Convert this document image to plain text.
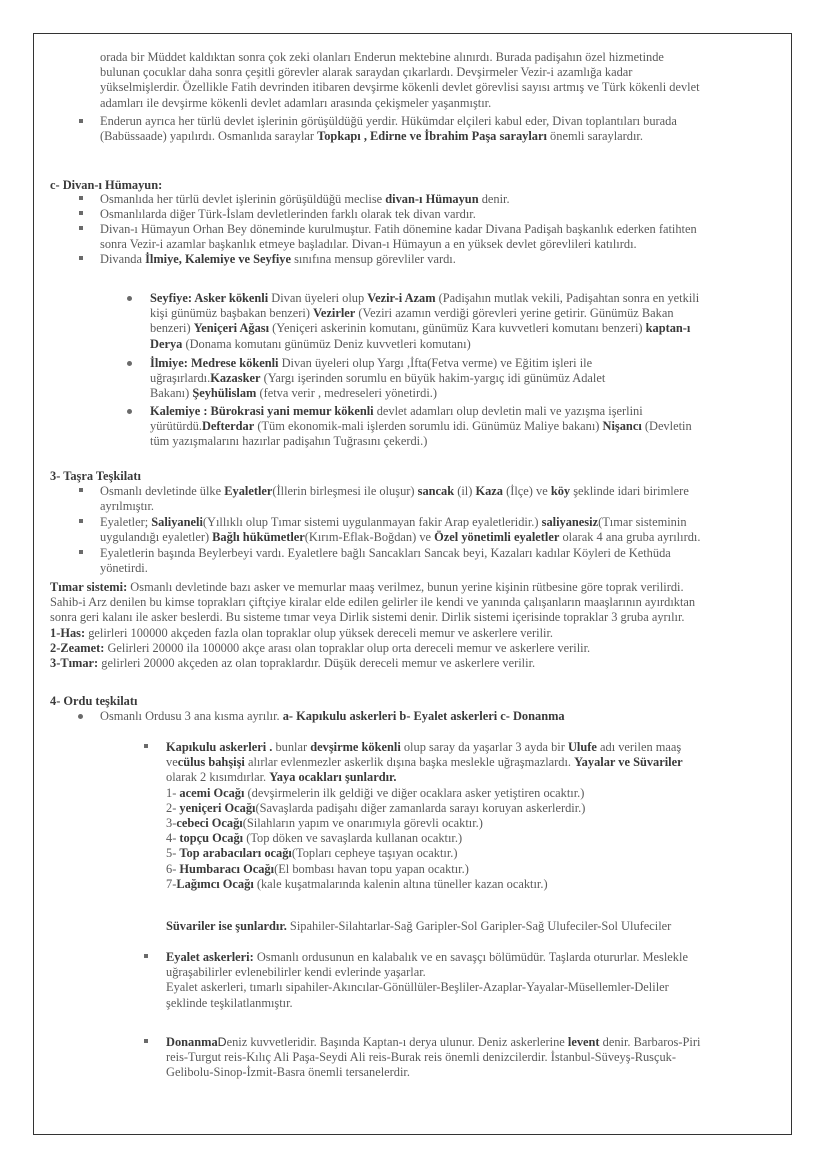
orada bir Müddet kaldıktan sonra çok zeki olanları Enderun mektebine alınırdı. Burada padişahın özel hizmetinde
bulunan çocuklar daha sonra çeşitli görevler alarak saraydan çıkarlardı. Devşirmeler Vezir-i azamlığa kadar
yükselmişlerdir. Özellikle Fatih devrinden itibaren devşirme kökenli devlet görevlisi sayısı artmış ve Türk kökenli devlet
adamları ile devşirme kökenli devlet adamları arasında çekişmeler yaşanmıştır.
Enderun ayrıca her türlü devlet işlerinin görüşüldüğü yerdir. Hükümdar elçileri kabul eder, Divan toplantıları burada
(Babüssaade) yapılırdı. Osmanlıda saraylar Topkapı , Edirne ve İbrahim Paşa sarayları önemli saraylardır.
c- Divan-ı Hümayun:
Osmanlıda her türlü devlet işlerinin görüşüldüğü meclise divan-ı Hümayun denir.
Osmanlılarda diğer Türk-İslam devletlerinden farklı olarak tek divan vardır.
Divan-ı Hümayun Orhan Bey döneminde kurulmuştur. Fatih dönemine kadar Divana Padişah başkanlık ederken fatihten
sonra Vezir-i azamlar başkanlık etmeye başladılar. Divan-ı Hümayun a en yüksek devlet görevlileri katılırdı.
Divanda İlmiye, Kalemiye ve Seyfiye sınıfına mensup görevliler vardı.
Seyfiye: Asker kökenli Divan üyeleri olup Vezir-i Azam (Padişahın mutlak vekili, Padişahtan sonra en yetkili
kişi günümüz başbakan benzeri) Vezirler (Veziri azamın verdiği görevleri yerine getirir. Günümüz Bakan
benzeri) Yeniçeri Ağası (Yeniçeri askerinin komutanı, günümüz Kara kuvvetleri komutanı benzeri) kaptan-ı
Derya (Donama komutanı günümüz Deniz kuvvetleri komutanı)
İlmiye: Medrese kökenli Divan üyeleri olup Yargı ,İfta(Fetva verme) ve Eğitim işleri ile
uğraşırlardı.Kazasker (Yargı işerinden sorumlu en büyük hakim-yargıç idi günümüz Adalet
Bakanı) Şeyhülislam (fetva verir , medreseleri yönetirdi.)
Kalemiye : Bürokrasi yani memur kökenli devlet adamları olup devletin mali ve yazışma işerlini
yürütürdü.Defterdar (Tüm ekonomik-mali işlerden sorumlu idi. Günümüz Maliye bakanı) Nişancı (Devletin
tüm yazışmalarını hazırlar padişahın Tuğrasını çekerdi.)
3- Taşra Teşkilatı
Osmanlı devletinde ülke Eyaletler(İllerin birleşmesi ile oluşur) sancak (il) Kaza (İlçe) ve köy şeklinde idari birimlere
ayrılmıştır.
Eyaletler; Saliyaneli(Yıllıklı olup Tımar sistemi uygulanmayan fakir Arap eyaletleridir.) saliyanesiz(Tımar sisteminin
uygulandığı eyaletler) Bağlı hükümetler(Kırım-Eflak-Boğdan) ve Özel yönetimli eyaletler olarak 4 ana gruba ayrılırdı.
Eyaletlerin başında Beylerbeyi vardı. Eyaletlere bağlı Sancakları Sancak beyi, Kazaları kadılar Köyleri de Kethüda
yönetirdi.
Tımar sistemi: Osmanlı devletinde bazı asker ve memurlar maaş verilmez, bunun yerine kişinin rütbesine göre toprak verilirdi.
Sahib-i Arz denilen bu kimse toprakları çiftçiye kiralar elde edilen gelirler ile kendi ve yanında çalışanların maaşlarının ayırdıktan
sonra geri kalanı ile asker beslerdi. Bu sisteme tımar veya Dirlik sistemi denir. Dirlik sistemi içerisinde topraklar 3 gruba ayrılır.
1-Has: gelirleri 100000 akçeden fazla olan topraklar olup yüksek dereceli memur ve askerlere verilir.
2-Zeamet: Gelirleri 20000 ila 100000 akçe arası olan topraklar olup orta dereceli memur ve askerlere verilir.
3-Tımar: gelirleri 20000 akçeden az olan topraklardır. Düşük dereceli memur ve askerlere verilir.
4- Ordu teşkilatı
Osmanlı Ordusu 3 ana kısma ayrılır. a- Kapıkulu askerleri b- Eyalet askerleri c- Donanma
Kapıkulu askerleri . bunlar devşirme kökenli olup saray da yaşarlar 3 ayda bir Ulufe adı verilen maaş
vecülus bahşişi alırlar evlenmezler askerlik dışına başka meslekle uğraşmazlardı. Yayalar ve Süvariler
olarak 2 kısımdırlar. Yaya ocakları şunlardır.
1- acemi Ocağı (devşirmelerin ilk geldiği ve diğer ocaklara asker yetiştiren ocaktır.)
2- yeniçeri Ocağı(Savaşlarda padişahı diğer zamanlarda sarayı koruyan askerlerdir.)
3-cebeci Ocağı(Silahların yapım ve onarımıyla görevli ocaktır.)
4- topçu Ocağı (Top döken ve savaşlarda kullanan ocaktır.)
5- Top arabacıları ocağı(Topları cepheye taşıyan ocaktır.)
6- Humbaracı Ocağı(El bombası havan topu yapan ocaktır.)
7-Lağımcı Ocağı (kale kuşatmalarında kalenin altına tüneller kazan ocaktır.)
Süvariler ise şunlardır. Sipahiler-Silahtarlar-Sağ Garipler-Sol Garipler-Sağ Ulufeciler-Sol Ulufeciler
Eyalet askerleri: Osmanlı ordusunun en kalabalık ve en savaşçı bölümüdür. Taşlarda otururlar. Meslekle
uğraşabilirler evlenebilirler kendi evlerinde yaşarlar.
Eyalet askerleri, tımarlı sipahiler-Akıncılar-Gönüllüler-Beşliler-Azaplar-Yayalar-Müsellemler-Deliler
şeklinde teşkilatlanmıştır.
DonanmaDeniz kuvvetleridir. Başında Kaptan-ı derya ulunur. Deniz askerlerine levent denir. Barbaros-Piri
reis-Turgut reis-Kılıç Ali Paşa-Seydi Ali reis-Burak reis önemli denizcilerdir. İstanbul-Süveyş-Rusçuk-
Gelibolu-Sinop-İzmit-Basra önemli tersanelerdir.
